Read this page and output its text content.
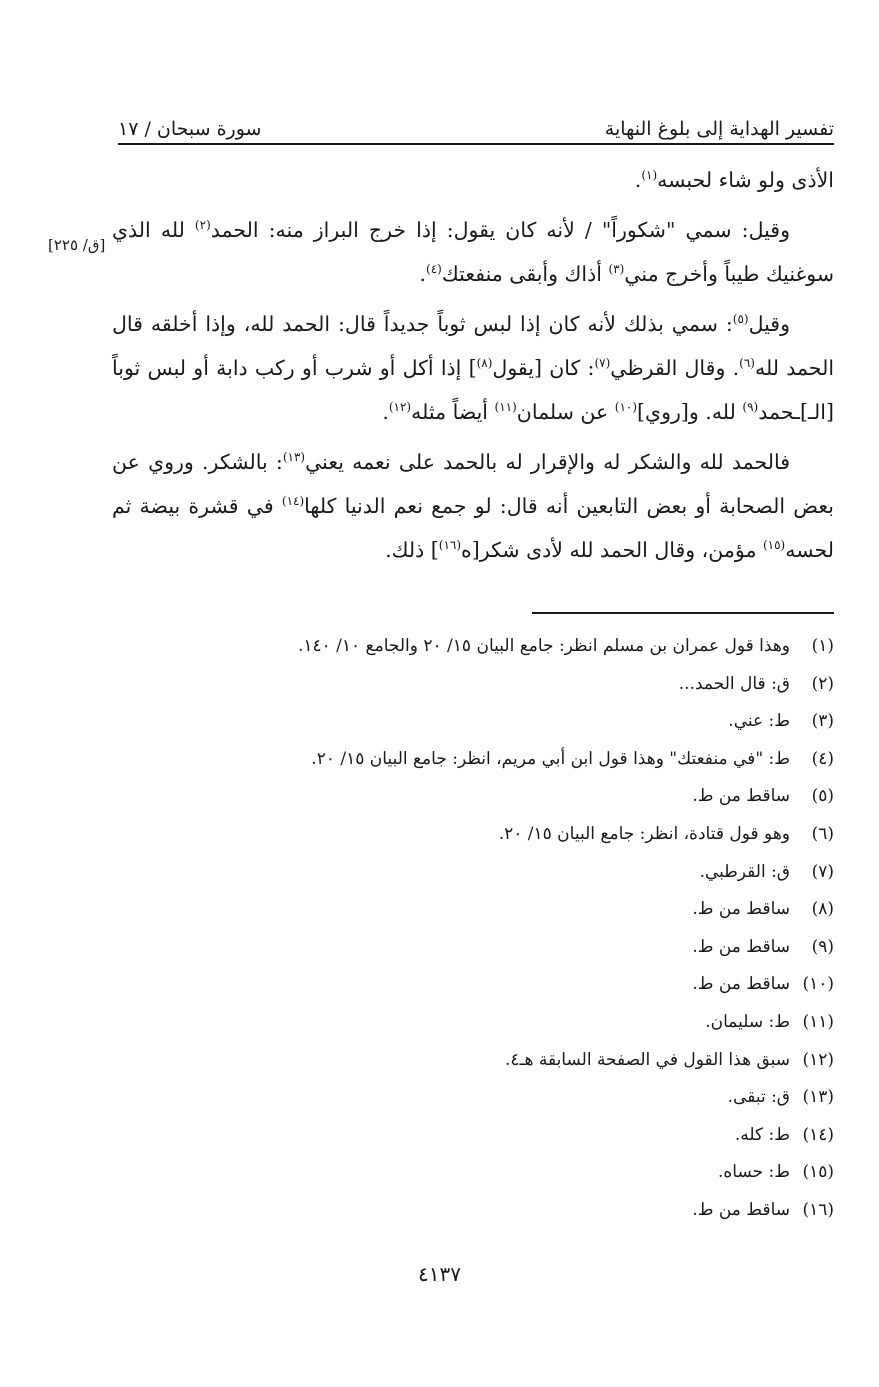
تفسير الهداية إلى بلوغ النهاية
سورة سبحان / ١٧
[ق/ ٢٢٥]

الأذى ولو شاء لحبسه$^{(١)}$.

وقيل: سمي "شكوراً" / لأنه كان يقول: إذا خرج البراز منه: الحمد$^{(٢)}$ لله الذي سوغنيك طيباً وأخرج مني$^{(٣)}$ أذاك وأبقى منفعتك$^{(٤)}$.

وقيل$^{(٥)}$: سمي بذلك لأنه كان إذا لبس ثوباً جديداً قال: الحمد لله، وإذا أخلقه قال الحمد لله$^{(٦)}$. وقال القرظي$^{(٧)}$: كان [يقول$^{(٨)}$] إذا أكل أو شرب أو ركب دابة أو لبس ثوباً [الـ]ـحمد$^{(٩)}$ لله. و[روي]$^{(١٠)}$ عن سلمان$^{(١١)}$ أيضاً مثله$^{(١٢)}$.

فالحمد لله والشكر له والإقرار له بالحمد على نعمه يعني$^{(١٣)}$: بالشكر. وروي عن بعض الصحابة أو بعض التابعين أنه قال: لو جمع نعم الدنيا كلها$^{(١٤)}$ في قشرة بيضة ثم لحسه$^{(١٥)}$ مؤمن، وقال الحمد لله لأدى شكر[ه$^{(١٦)}$] ذلك.

(١)
وهذا قول عمران بن مسلم انظر: جامع البيان ١٥/ ٢٠ والجامع ١٠/ ١٤٠.
(٢)
ق: قال الحمد...
(٣)
ط: عني.
(٤)
ط: "في منفعتك" وهذا قول ابن أبي مريم، انظر: جامع البيان ١٥/ ٢٠.
(٥)
ساقط من ط.
(٦)
وهو قول قتادة، انظر: جامع البيان ١٥/ ٢٠.
(٧)
ق: القرطبي.
(٨)
ساقط من ط.
(٩)
ساقط من ط.
(١٠)
ساقط من ط.
(١١)
ط: سليمان.
(١٢)
سبق هذا القول في الصفحة السابقة هـ٤.
(١٣)
ق: تبقى.
(١٤)
ط: كله.
(١٥)
ط: حساه.
(١٦)
ساقط من ط.
٤١٣٧
